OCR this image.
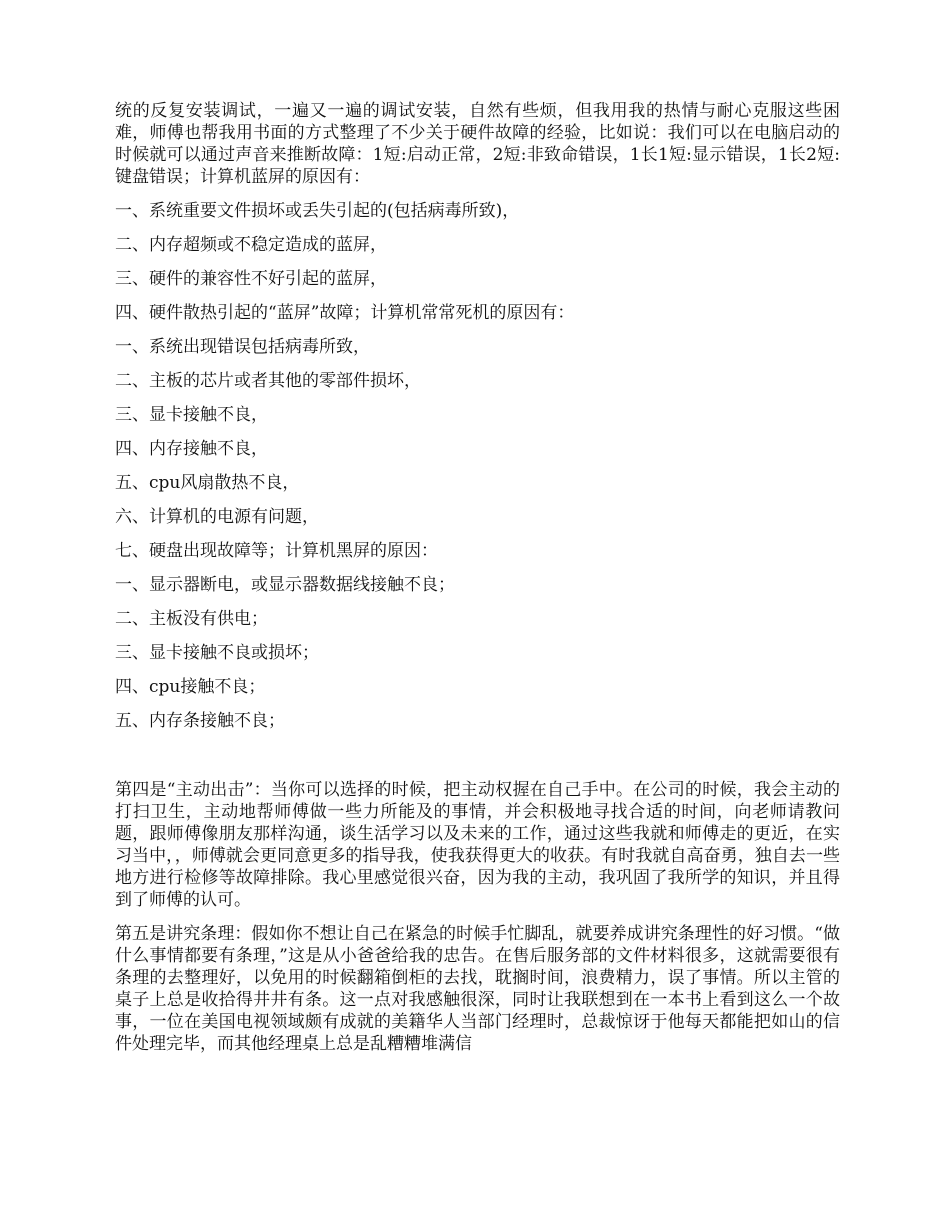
统的反复安装调试，一遍又一遍的调试安装，自然有些烦，但我用我的热情与耐心克服这些困难，师傅也帮我用书面的方式整理了不少关于硬件故障的经验，比如说：我们可以在电脑启动的时候就可以通过声音来推断故障：1短:启动正常，2短:非致命错误，1长1短:显示错误，1长2短:键盘错误；计算机蓝屏的原因有：

一、系统重要文件损坏或丢失引起的(包括病毒所致)，
二、内存超频或不稳定造成的蓝屏，
三、硬件的兼容性不好引起的蓝屏，
四、硬件散热引起的“蓝屏”故障；计算机常常死机的原因有：
一、系统出现错误包括病毒所致，
二、主板的芯片或者其他的零部件损坏，
三、显卡接触不良，
四、内存接触不良，
五、cpu风扇散热不良，
六、计算机的电源有问题，
七、硬盘出现故障等；计算机黑屏的原因：
一、显示器断电，或显示器数据线接触不良；
二、主板没有供电；
三、显卡接触不良或损坏；
四、cpu接触不良；
五、内存条接触不良；

第四是“主动出击”：当你可以选择的时候，把主动权握在自己手中。在公司的时候，我会主动的打扫卫生，主动地帮师傅做一些力所能及的事情，并会积极地寻找合适的时间，向老师请教问题，跟师傅像朋友那样沟通，谈生活学习以及未来的工作，通过这些我就和师傅走的更近，在实习当中，，师傅就会更同意更多的指导我，使我获得更大的收获。有时我就自高奋勇，独自去一些地方进行检修等故障排除。我心里感觉很兴奋，因为我的主动，我巩固了我所学的知识，并且得到了师傅的认可。

第五是讲究条理：假如你不想让自己在紧急的时候手忙脚乱，就要养成讲究条理性的好习惯。“做什么事情都要有条理，”这是从小爸爸给我的忠告。在售后服务部的文件材料很多，这就需要很有条理的去整理好，以免用的时候翻箱倒柜的去找，耽搁时间，浪费精力，误了事情。所以主管的桌子上总是收拾得井井有条。这一点对我感触很深，同时让我联想到在一本书上看到这么一个故事，一位在美国电视领域颇有成就的美籍华人当部门经理时，总裁惊讶于他每天都能把如山的信件处理完毕，而其他经理桌上总是乱糟糟堆满信
